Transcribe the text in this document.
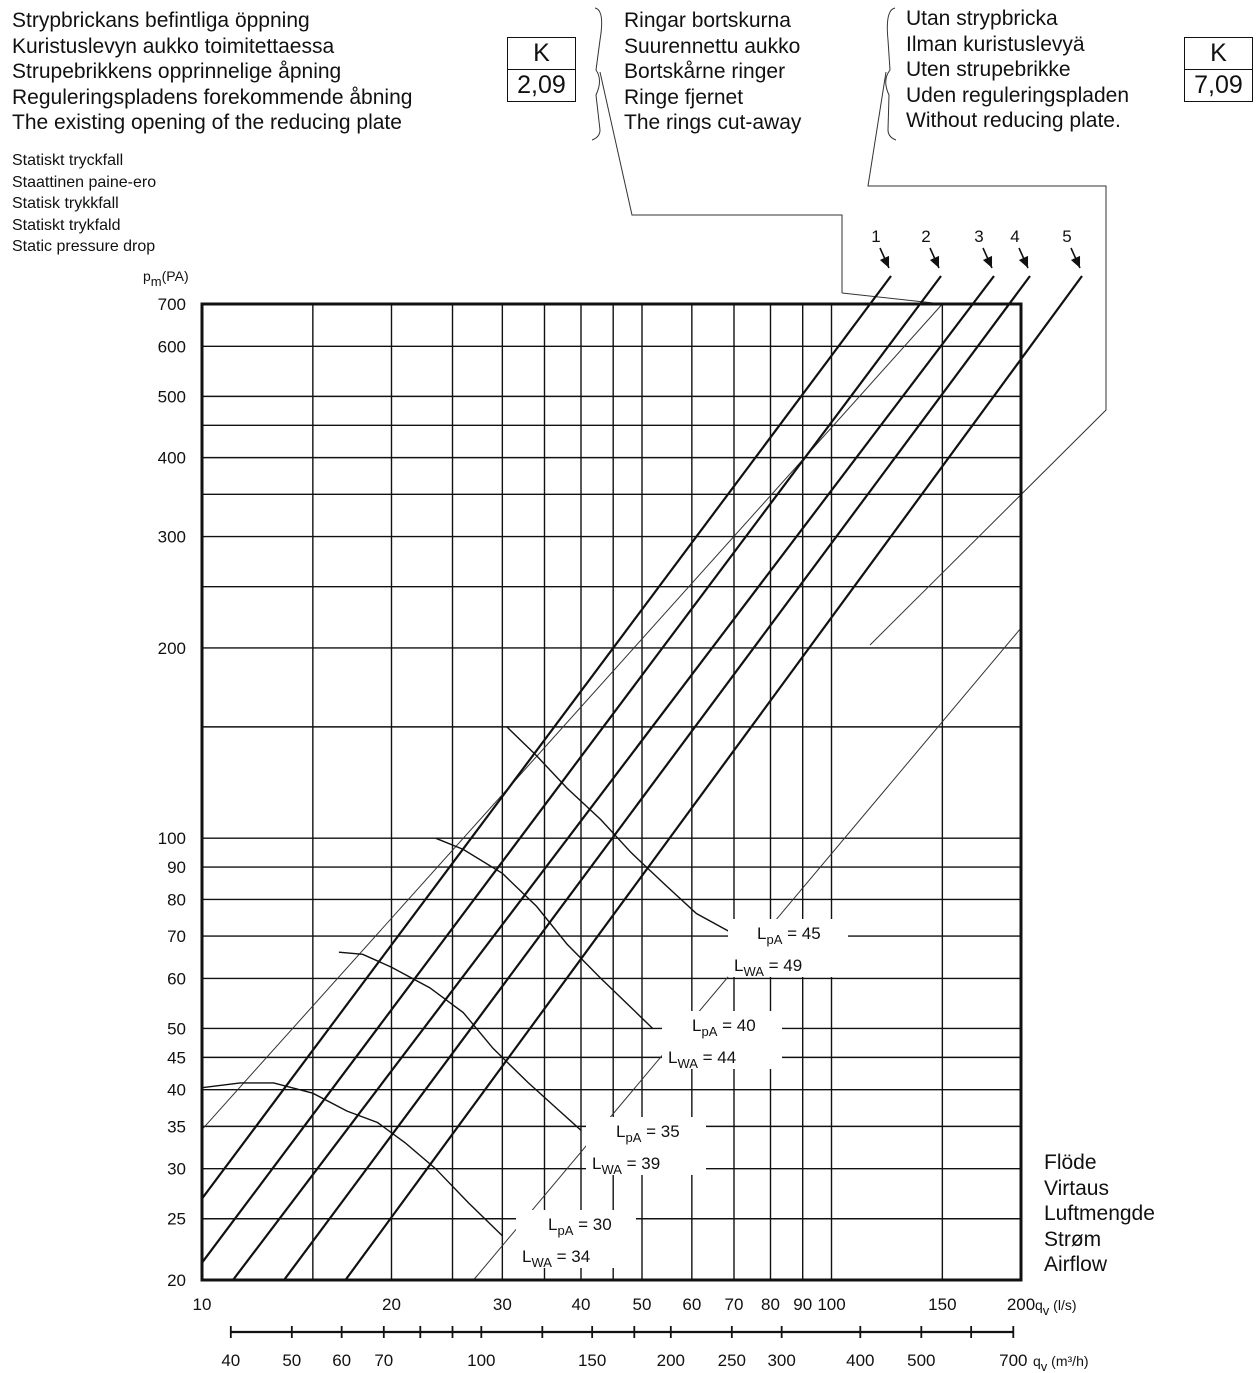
Strypbrickans befintliga öppning
Kuristuslevyn aukko toimitettaessa
Strupebrikkens opprinnelige åpning
Reguleringspladens forekommende åbning
The existing opening of the reducing plate
K
2,09
Ringar bortskurna
Suurennettu aukko
Bortskårne ringer
Ringe fjernet
The rings cut-away
Utan strypbricka
Ilman kuristuslevyä
Uten strupebrikke
Uden reguleringspladen
Without reducing plate.
K
7,09
Statiskt tryckfall
Staattinen paine-ero
Statisk trykkfall
Statiskt trykfald
Static pressure drop
Flöde
Virtaus
Luftmengde
Strøm
Airflow
1 2	3 4	5
$L_{pA} = 30$
$L_{WA} = 34$
$L_{pA} = 35$
$L_{WA} = 39$
$L_{pA} = 40$
$L_{WA} = 44$
$L_{pA} = 45$
$L_{WA} = 49$
20
25
30
35
40
45
50
60
70
80
90
100
200
300
400
500
600
700
pm(PA)
10	20	30	40 50 60 70 80 90 100	150	200 qv (l/s)
40 50 60 70	100	150	200 250 300	400 500	700 qv (m³/h)
